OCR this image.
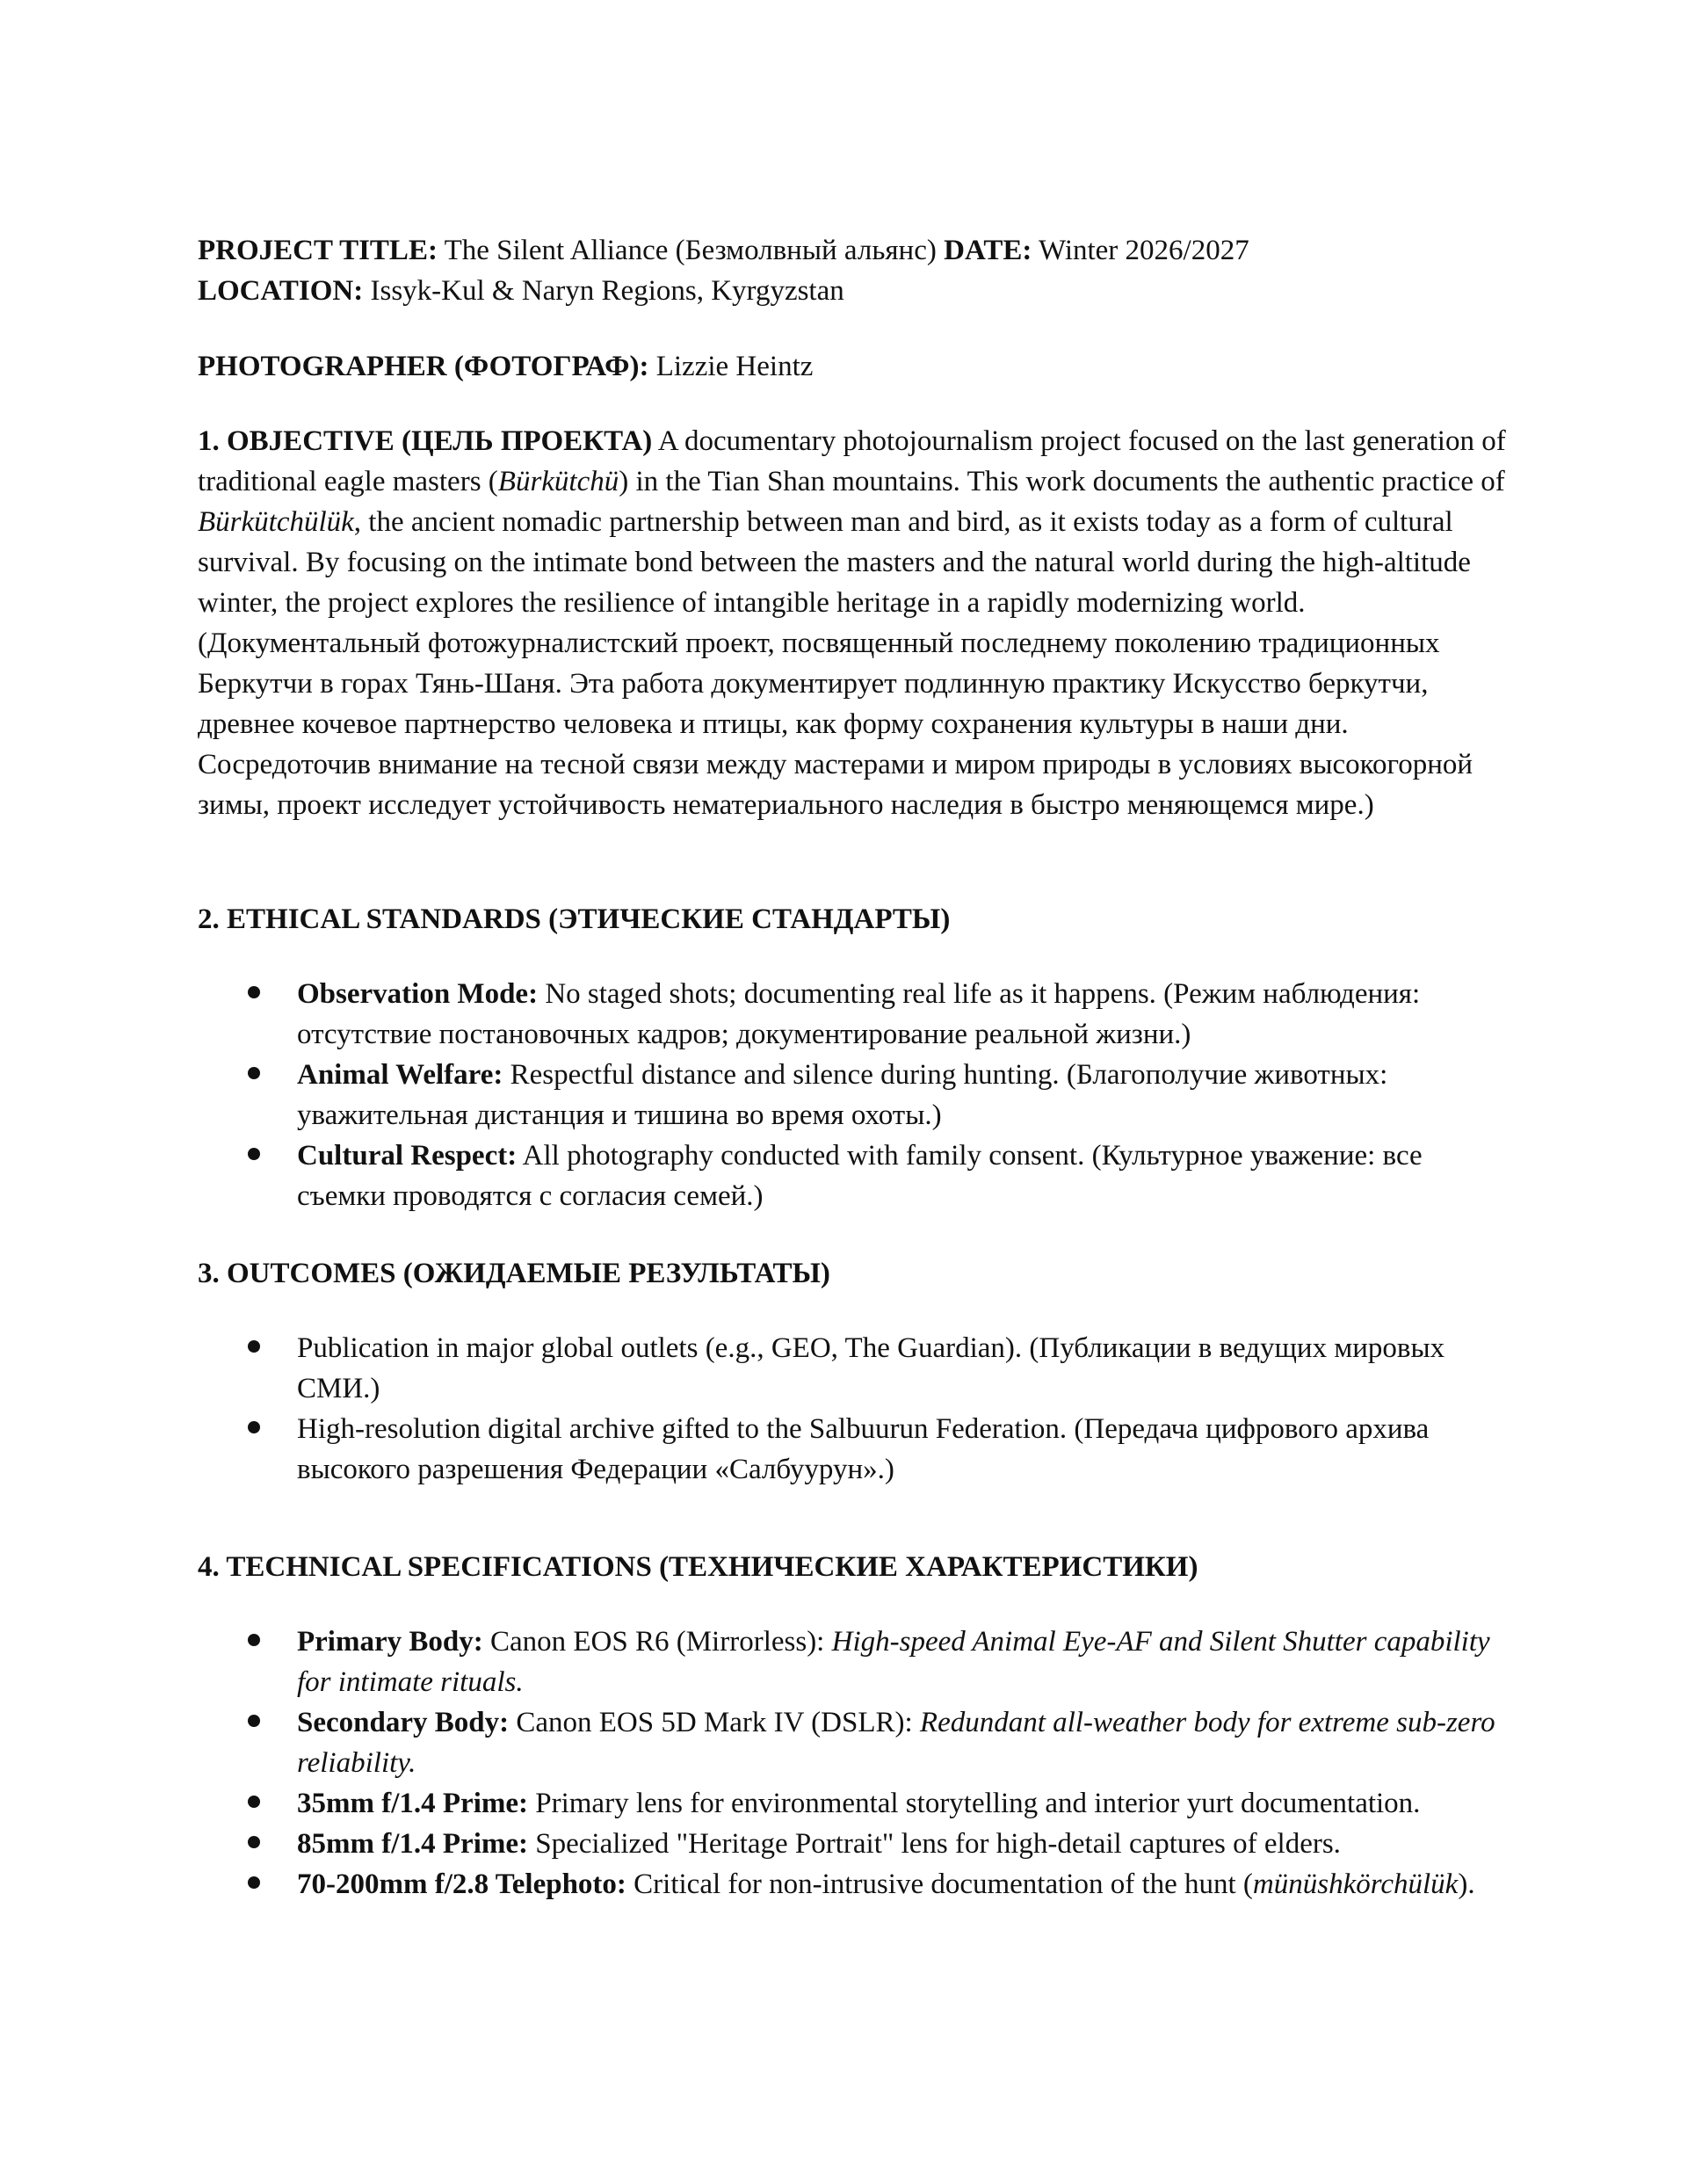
PROJECT TITLE: The Silent Alliance (Безмолвный альянс) DATE: Winter 2026/2027

LOCATION: Issyk-Kul & Naryn Regions, Kyrgyzstan

PHOTOGRAPHER (ФОТОГРАФ): Lizzie Heintz

1. OBJECTIVE (ЦЕЛЬ ПРОЕКТА) A documentary photojournalism project focused on the last generation of traditional eagle masters (Bürkütchü) in the Tian Shan mountains. This work documents the authentic practice of Bürkütchülük, the ancient nomadic partnership between man and bird, as it exists today as a form of cultural survival. By focusing on the intimate bond between the masters and the natural world during the high-altitude winter, the project explores the resilience of intangible heritage in a rapidly modernizing world. (Документальный фотожурналистский проект, посвященный последнему поколению традиционных Беркутчи в горах Тянь-Шаня. Эта работа документирует подлинную практику Искусство беркутчи, древнее кочевое партнерство человека и птицы, как форму сохранения культуры в наши дни. Сосредоточив внимание на тесной связи между мастерами и миром природы в условиях высокогорной зимы, проект исследует устойчивость нематериального наследия в быстро меняющемся мире.)

2. ETHICAL STANDARDS (ЭТИЧЕСКИЕ СТАНДАРТЫ)

Observation Mode: No staged shots; documenting real life as it happens. (Режим наблюдения: отсутствие постановочных кадров; документирование реальной жизни.)
Animal Welfare: Respectful distance and silence during hunting. (Благополучие животных: уважительная дистанция и тишина во время охоты.)
Cultural Respect: All photography conducted with family consent. (Культурное уважение: все съемки проводятся с согласия семей.)

3. OUTCOMES (ОЖИДАЕМЫЕ РЕЗУЛЬТАТЫ)

Publication in major global outlets (e.g., GEO, The Guardian). (Публикации в ведущих мировых СМИ.)
High-resolution digital archive gifted to the Salbuurun Federation. (Передача цифрового архива высокого разрешения Федерации «Салбуурун».)

4. TECHNICAL SPECIFICATIONS (ТЕХНИЧЕСКИЕ ХАРАКТЕРИСТИКИ)

Primary Body: Canon EOS R6 (Mirrorless): High-speed Animal Eye-AF and Silent Shutter capability for intimate rituals.
Secondary Body: Canon EOS 5D Mark IV (DSLR): Redundant all-weather body for extreme sub-zero reliability.
35mm f/1.4 Prime: Primary lens for environmental storytelling and interior yurt documentation.
85mm f/1.4 Prime: Specialized "Heritage Portrait" lens for high-detail captures of elders.
70-200mm f/2.8 Telephoto: Critical for non-intrusive documentation of the hunt (münüshkörchülük).
